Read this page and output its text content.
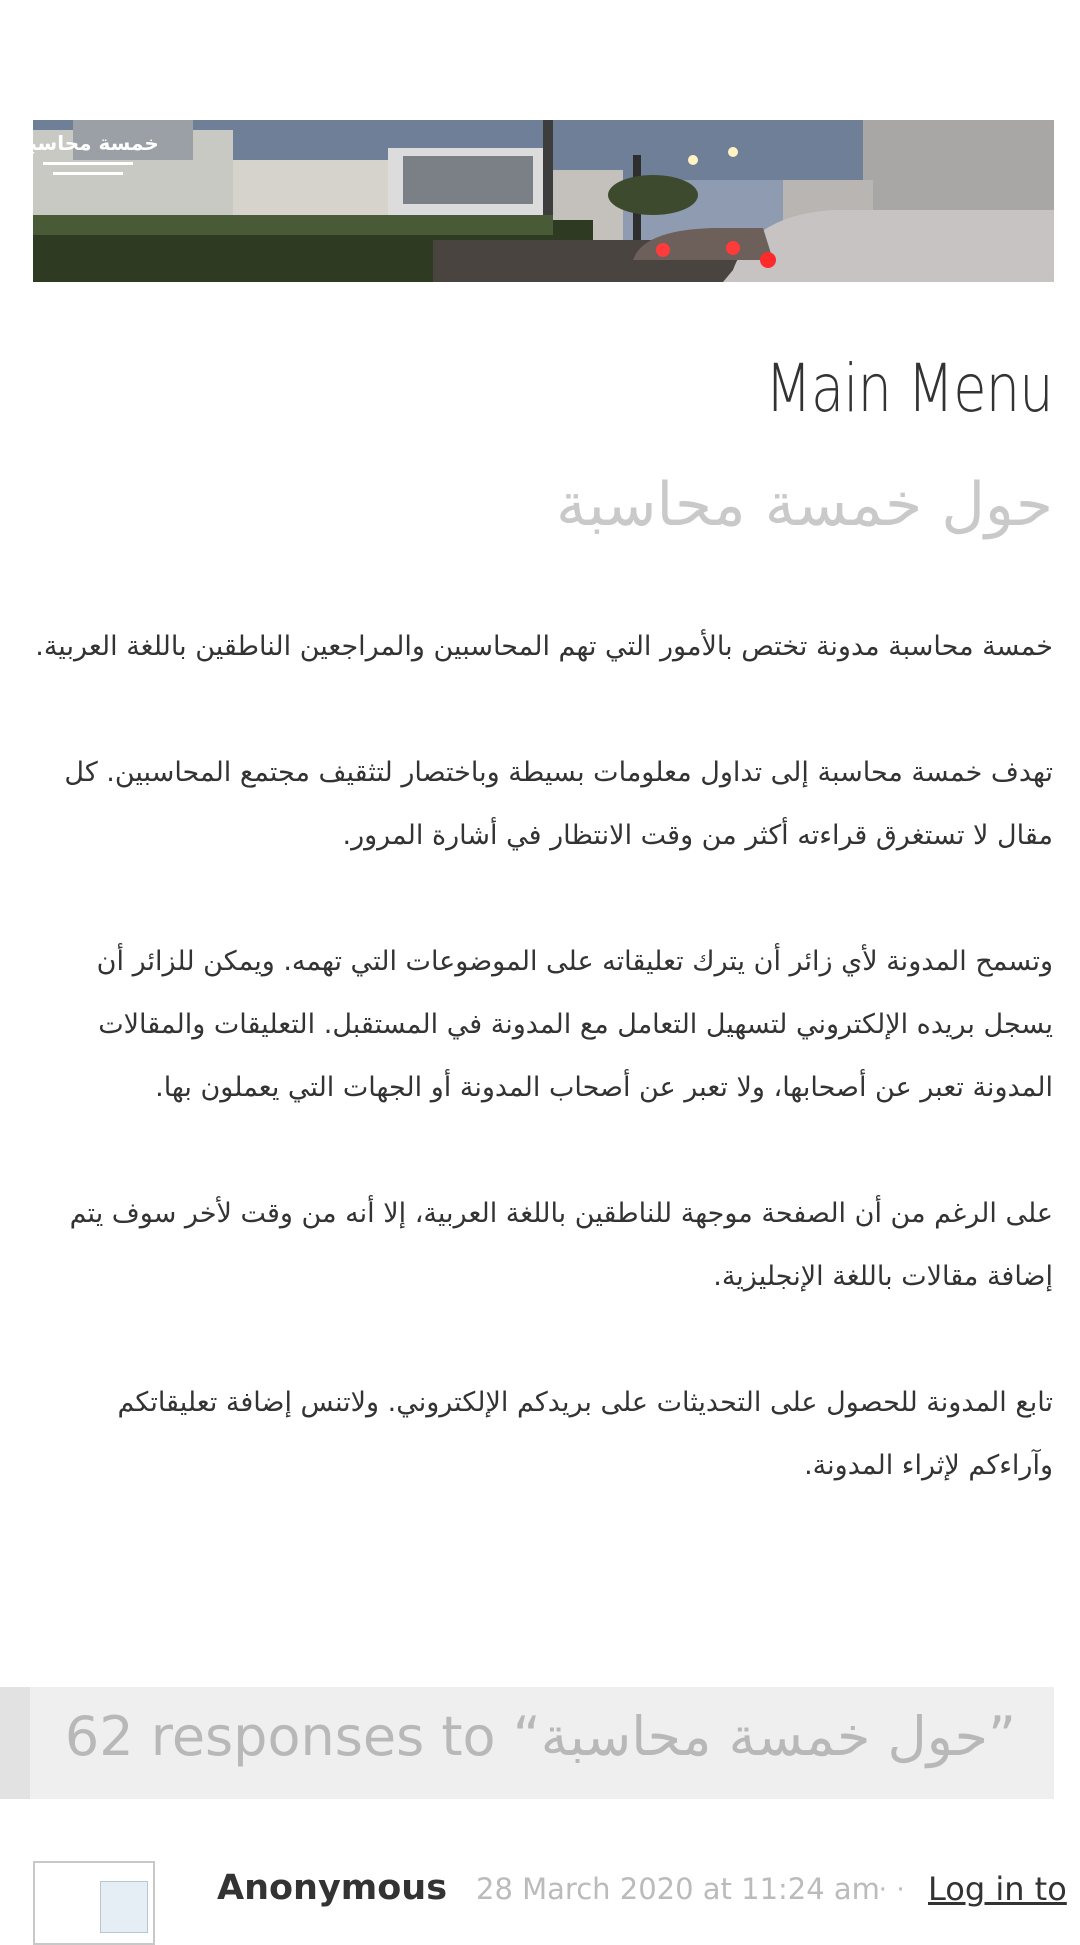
خمسة محاسبة
Main Menu
حول خمسة محاسبة

خمسة محاسبة مدونة تختص بالأمور التي تهم المحاسبين والمراجعين الناطقين باللغة العربية.

تهدف خمسة محاسبة إلى تداول معلومات بسيطة وباختصار لتثقيف مجتمع المحاسبين. كل مقال لا تستغرق قراءته أكثر من وقت الانتظار في أشارة المرور.

وتسمح المدونة لأي زائر أن يترك تعليقاته على الموضوعات التي تهمه. ويمكن للزائر أن يسجل بريده الإلكتروني لتسهيل التعامل مع المدونة في المستقبل. التعليقات والمقالات المدونة تعبر عن أصحابها، ولا تعبر عن أصحاب المدونة أو الجهات التي يعملون بها.

على الرغم من أن الصفحة موجهة للناطقين باللغة العربية، إلا أنه من وقت لأخر سوف يتم إضافة مقالات باللغة الإنجليزية.

تابع المدونة للحصول على التحديثات على بريدكم الإلكتروني. ولاتنس إضافة تعليقاتكم وآراءكم لإثراء المدونة.

62 responses to “حول خمسة محاسبة”
Anonymous 28 March 2020 at 11:24 am
· · Log in to
